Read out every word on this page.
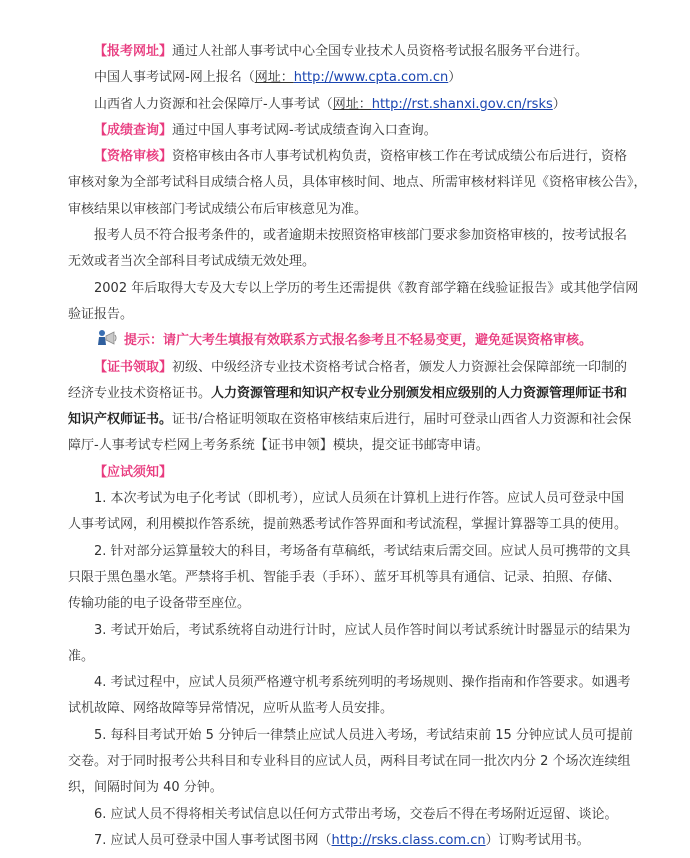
【报考网址】通过人社部人事考试中心全国专业技术人员资格考试报名服务平台进行。
中国人事考试网-网上报名（网址：http://www.cpta.com.cn）
山西省人力资源和社会保障厅-人事考试（网址：http://rst.shanxi.gov.cn/rsks）
【成绩查询】通过中国人事考试网-考试成绩查询入口查询。
【资格审核】资格审核由各市人事考试机构负责，资格审核工作在考试成绩公布后进行，资格
审核对象为全部考试科目成绩合格人员，具体审核时间、地点、所需审核材料详见《资格审核公告》，
审核结果以审核部门考试成绩公布后审核意见为准。
报考人员不符合报考条件的，或者逾期未按照资格审核部门要求参加资格审核的，按考试报名
无效或者当次全部科目考试成绩无效处理。
2002 年后取得大专及大专以上学历的考生还需提供《教育部学籍在线验证报告》或其他学信网
验证报告。
提示：请广大考生填报有效联系方式报名参考且不轻易变更，避免延误资格审核。
【证书领取】初级、中级经济专业技术资格考试合格者，颁发人力资源社会保障部统一印制的
经济专业技术资格证书。人力资源管理和知识产权专业分别颁发相应级别的人力资源管理师证书和
知识产权师证书。证书/合格证明领取在资格审核结束后进行，届时可登录山西省人力资源和社会保
障厅-人事考试专栏网上考务系统【证书申领】模块，提交证书邮寄申请。
【应试须知】
1. 本次考试为电子化考试（即机考），应试人员须在计算机上进行作答。应试人员可登录中国
人事考试网，利用模拟作答系统，提前熟悉考试作答界面和考试流程，掌握计算器等工具的使用。
2. 针对部分运算量较大的科目，考场备有草稿纸，考试结束后需交回。应试人员可携带的文具
只限于黑色墨水笔。严禁将手机、智能手表（手环）、蓝牙耳机等具有通信、记录、拍照、存储、
传输功能的电子设备带至座位。
3. 考试开始后，考试系统将自动进行计时，应试人员作答时间以考试系统计时器显示的结果为
准。
4. 考试过程中，应试人员须严格遵守机考系统列明的考场规则、操作指南和作答要求。如遇考
试机故障、网络故障等异常情况，应听从监考人员安排。
5. 每科目考试开始 5 分钟后一律禁止应试人员进入考场，考试结束前 15 分钟应试人员可提前
交卷。对于同时报考公共科目和专业科目的应试人员，两科目考试在同一批次内分 2 个场次连续组
织，间隔时间为 40 分钟。
6. 应试人员不得将相关考试信息以任何方式带出考场，交卷后不得在考场附近逗留、谈论。
7. 应试人员可登录中国人事考试图书网（http://rsks.class.com.cn）订购考试用书。
